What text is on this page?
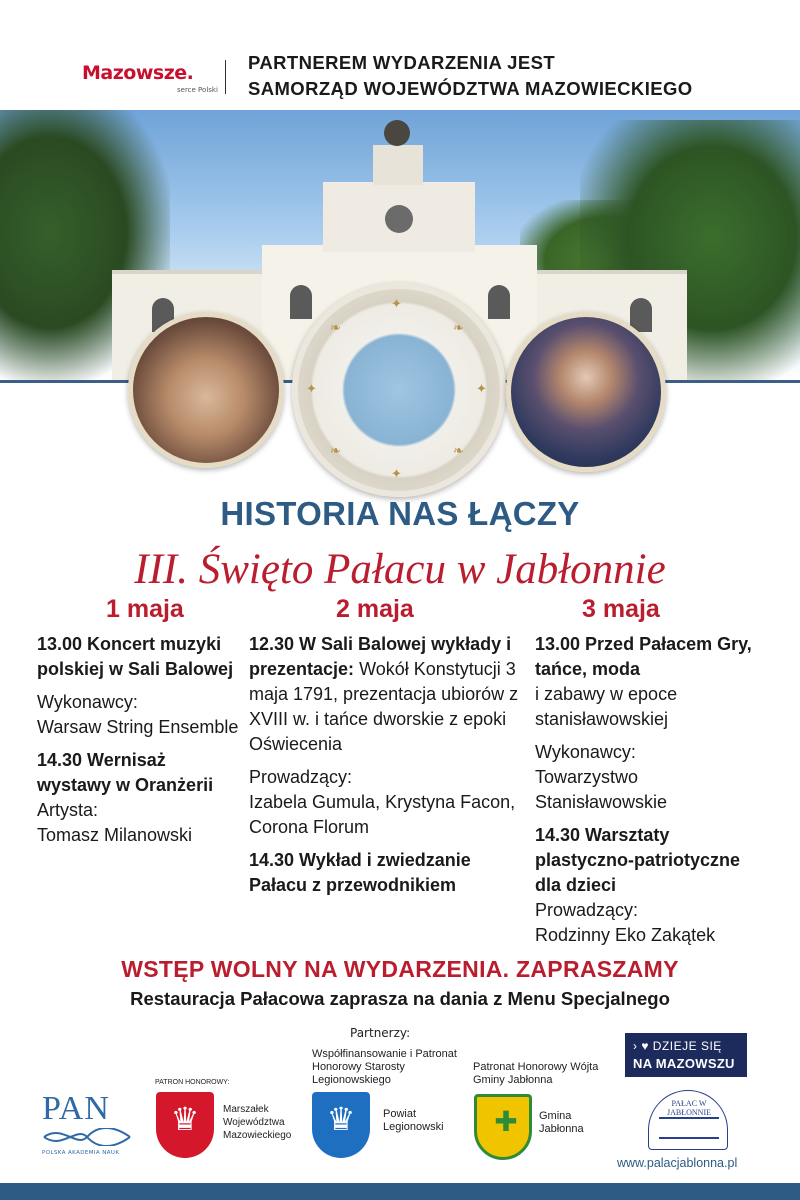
Mazowsze.
serce Polski
PARTNEREM WYDARZENIA JEST
SAMORZĄD WOJEWÓDZTWA MAZOWIECKIEGO
✦
✦
✦	✦
❧	❧
❧	❧
HISTORIA NAS ŁĄCZY
III. Święto Pałacu w Jabłonnie
1 maja	2 maja	3 maja
13.00 Koncert muzyki polskiej w Sali Balowej

Wykonawcy:

Warsaw String Ensemble

14.30 Wernisaż wystawy w Oranżerii

Artysta:

Tomasz Milanowski

12.30 W Sali Balowej wykłady i prezentacje: Wokół Konstytucji 3 maja 1791, prezentacja ubiorów z XVIII w. i tańce dworskie z epoki Oświecenia

Prowadzący:

Izabela Gumula, Krystyna Facon, Corona Florum

14.30 Wykład i zwiedzanie Pałacu z przewodnikiem
13.00 Przed Pałacem Gry, tańce, moda

i zabawy w epoce stanisławowskiej

Wykonawcy:

Towarzystwo Stanisławowskie

14.30 Warsztaty plastyczno-patriotyczne dla dzieci

Prowadzący:

Rodzinny Eko Zakątek

WSTĘP WOLNY NA WYDARZENIA. ZAPRASZAMY
Restauracja Pałacowa zaprasza na dania z Menu Specjalnego
Partnerzy:
PAN
POLSKA AKADEMIA NAUK
PATRON HONOROWY:
♛	Marszałek Województwa Mazowieckiego
Współfinansowanie i Patronat Honorowy Starosty Legionowskiego
♛	Powiat Legionowski
Patronat Honorowy Wójta Gminy Jabłonna
✚	Gmina Jabłonna
› ♥ DZIEJE SIĘ
NA MAZOWSZU
PAŁAC W JABŁONNIE
www.palacjablonna.pl
